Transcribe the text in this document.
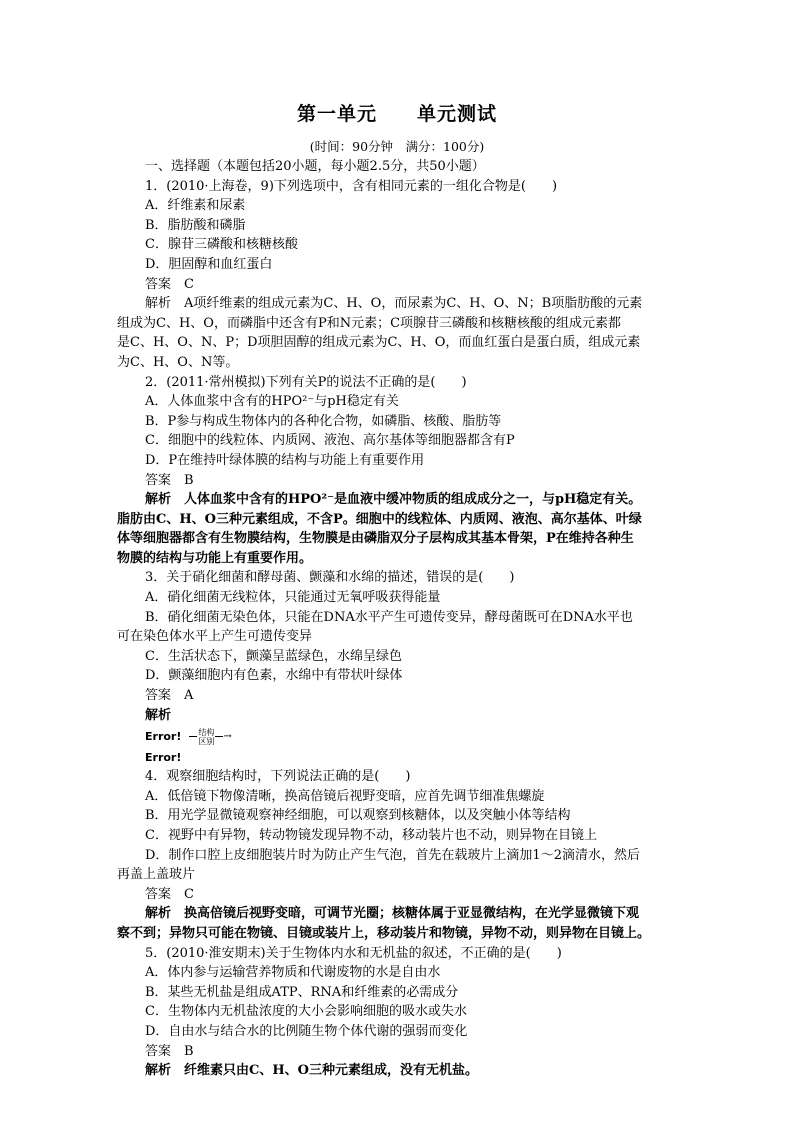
第一单元　　单元测试
(时间：90分钟　满分：100分)
一、选择题（本题包括20小题，每小题2.5分，共50小题）
1．(2010·上海卷，9)下列选项中，含有相同元素的一组化合物是(　　)
A．纤维素和尿素
B．脂肪酸和磷脂
C．腺苷三磷酸和核糖核酸
D．胆固醇和血红蛋白
答案　C
解析　A项纤维素的组成元素为C、H、O，而尿素为C、H、O、N；B项脂肪酸的元素
组成为C、H、O，而磷脂中还含有P和N元素；C项腺苷三磷酸和核糖核酸的组成元素都
是C、H、O、N、P；D项胆固醇的组成元素为C、H、O，而血红蛋白是蛋白质，组成元素
为C、H、O、N等。
2．(2011·常州模拟)下列有关P的说法不正确的是(　　)
A．人体血浆中含有的HPO²⁻与pH稳定有关
B．P参与构成生物体内的各种化合物，如磷脂、核酸、脂肪等
C．细胞中的线粒体、内质网、液泡、高尔基体等细胞器都含有P
D．P在维持叶绿体膜的结构与功能上有重要作用
答案　B
解析　人体血浆中含有的HPO²⁻是血液中缓冲物质的组成成分之一，与pH稳定有关。
脂肪由C、H、O三种元素组成，不含P。细胞中的线粒体、内质网、液泡、高尔基体、叶绿
体等细胞器都含有生物膜结构，生物膜是由磷脂双分子层构成其基本骨架，P在维持各种生
物膜的结构与功能上有重要作用。
3．关于硝化细菌和酵母菌、颤藻和水绵的描述，错误的是(　　)
A．硝化细菌无线粒体，只能通过无氧呼吸获得能量
B．硝化细菌无染色体，只能在DNA水平产生可遗传变异，酵母菌既可在DNA水平也
可在染色体水平上产生可遗传变异
C．生活状态下，颤藻呈蓝绿色，水绵呈绿色
D．颤藻细胞内有色素，水绵中有带状叶绿体
答案　A
解析
Error! 结构
区别 →
Error!
4．观察细胞结构时，下列说法正确的是(　　)
A．低倍镜下物像清晰，换高倍镜后视野变暗，应首先调节细准焦螺旋
B．用光学显微镜观察神经细胞，可以观察到核糖体，以及突触小体等结构
C．视野中有异物，转动物镜发现异物不动，移动装片也不动，则异物在目镜上
D．制作口腔上皮细胞装片时为防止产生气泡，首先在载玻片上滴加1～2滴清水，然后
再盖上盖玻片
答案　C
解析　换高倍镜后视野变暗，可调节光圈；核糖体属于亚显微结构，在光学显微镜下观
察不到；异物只可能在物镜、目镜或装片上，移动装片和物镜，异物不动，则异物在目镜上。
5．(2010·淮安期末)关于生物体内水和无机盐的叙述，不正确的是(　　)
A．体内参与运输营养物质和代谢废物的水是自由水
B．某些无机盐是组成ATP、RNA和纤维素的必需成分
C．生物体内无机盐浓度的大小会影响细胞的吸水或失水
D．自由水与结合水的比例随生物个体代谢的强弱而变化
答案　B
解析　纤维素只由C、H、O三种元素组成，没有无机盐。
